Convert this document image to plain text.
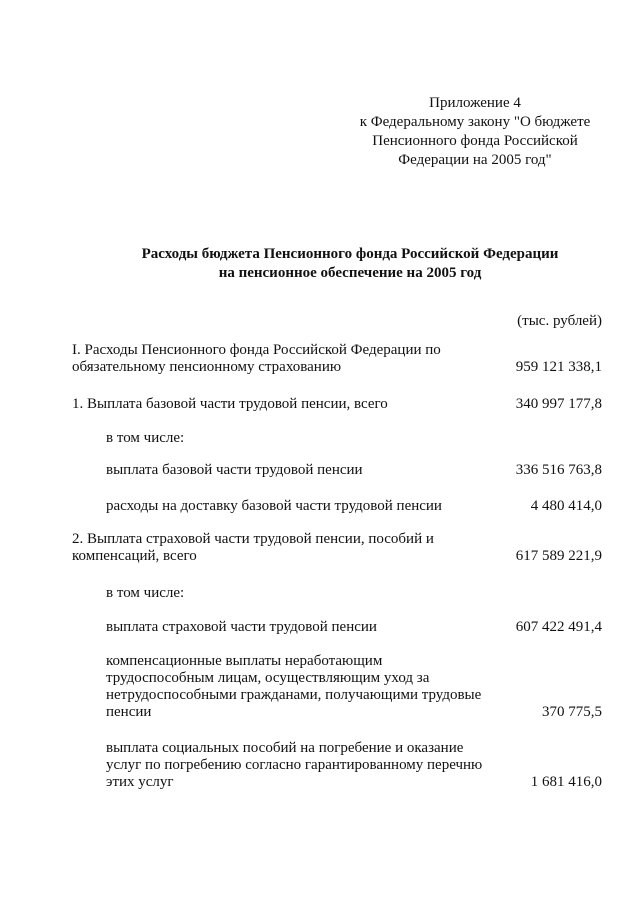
Приложение 4
к Федеральному закону "О бюджете
Пенсионного фонда Российской
Федерации на 2005 год"
Расходы бюджета Пенсионного фонда Российской Федерации
на пенсионное обеспечение на 2005 год
(тыс. рублей)
I. Расходы Пенсионного фонда Российской Федерации по обязательному пенсионному страхованию	959 121 338,1
1. Выплата базовой части трудовой пенсии, всего	340 997 177,8
в том числе:
выплата базовой части трудовой пенсии	336 516 763,8
расходы на доставку базовой части трудовой пенсии	4 480 414,0
2. Выплата страховой части трудовой пенсии, пособий и компенсаций, всего	617 589 221,9
в том числе:
выплата страховой части трудовой пенсии	607 422 491,4
компенсационные выплаты неработающим трудоспособным лицам, осуществляющим уход за нетрудоспособными гражданами, получающими трудовые пенсии	370 775,5
выплата социальных пособий на погребение и оказание услуг по погребению согласно гарантированному перечню этих услуг	1 681 416,0
